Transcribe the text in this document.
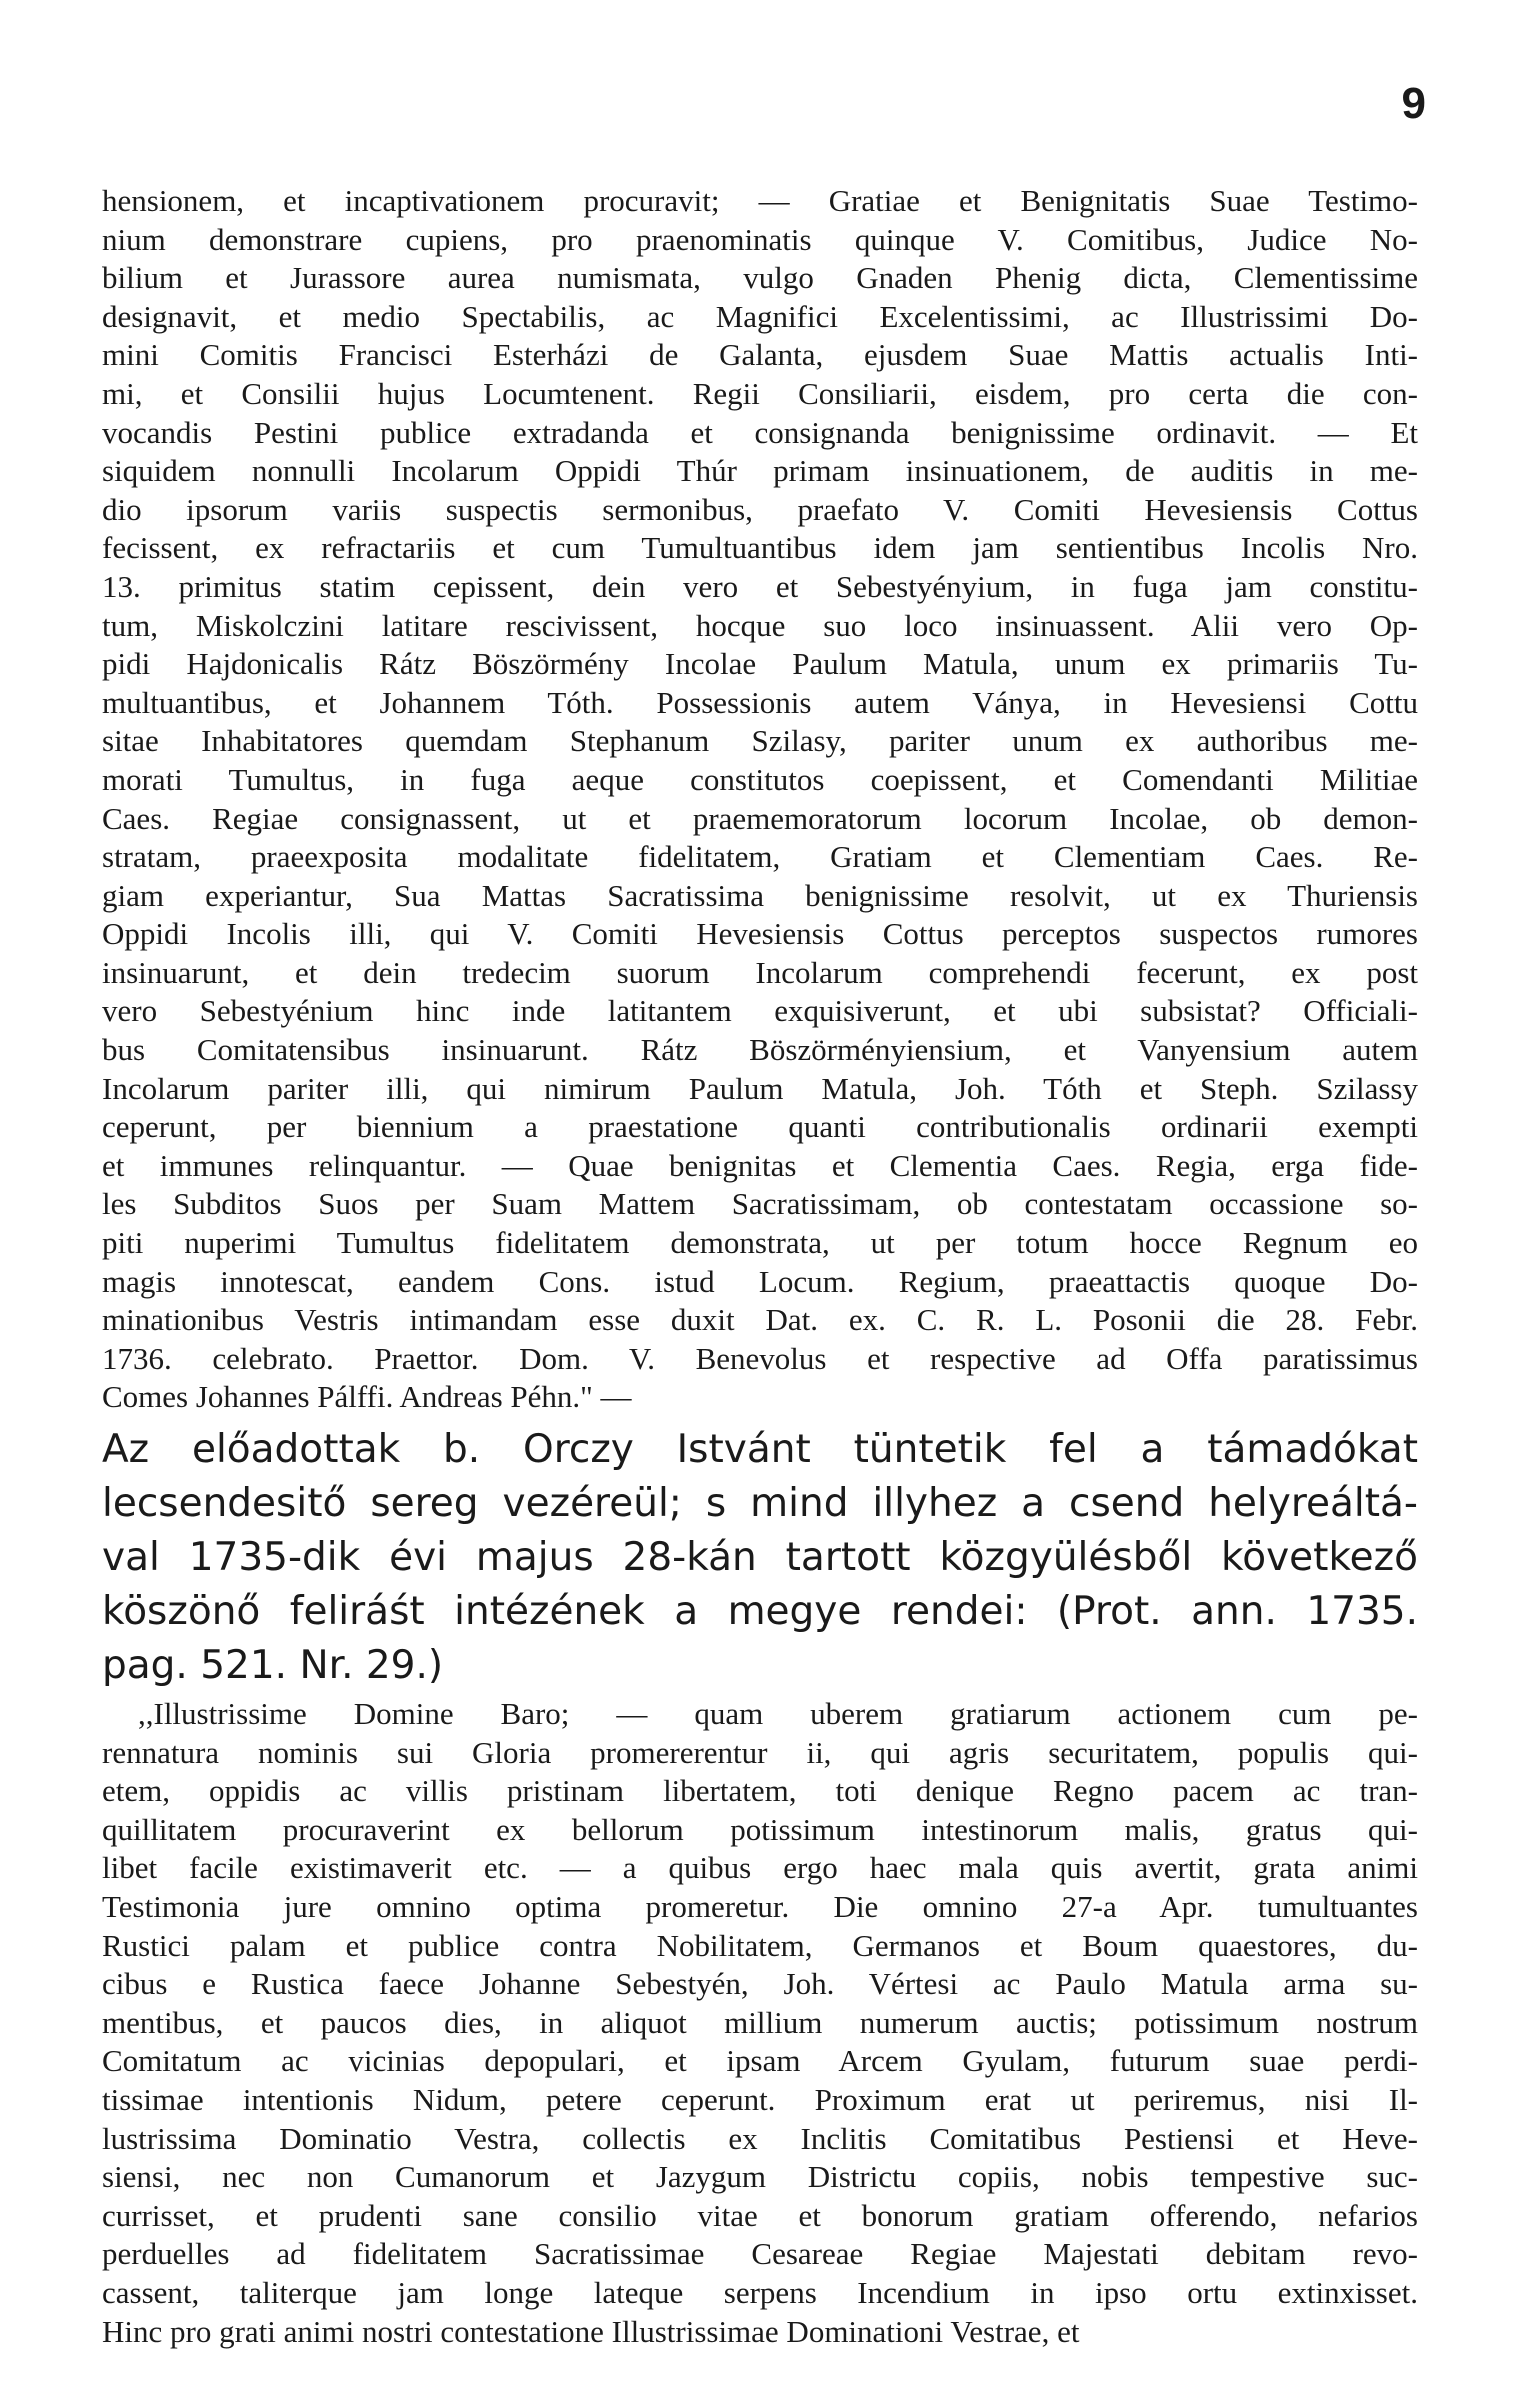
9
hensionem, et incaptivationem procuravit; — Gratiae et Benignitatis Suae Testimo-
nium demonstrare cupiens, pro praenominatis quinque V. Comitibus, Judice No-
bilium et Jurassore aurea numismata, vulgo Gnaden Phenig dicta, Clementissime
designavit, et medio Spectabilis, ac Magnifici Excelentissimi, ac Illustrissimi Do-
mini Comitis Francisci Esterházi de Galanta, ejusdem Suae Mattis actualis Inti-
mi, et Consilii hujus Locumtenent. Regii Consiliarii, eisdem, pro certa die con-
vocandis Pestini publice extradanda et consignanda benignissime ordinavit. — Et
siquidem nonnulli Incolarum Oppidi Thúr primam insinuationem, de auditis in me-
dio ipsorum variis suspectis sermonibus, praefato V. Comiti Hevesiensis Cottus
fecissent, ex refractariis et cum Tumultuantibus idem jam sentientibus Incolis Nro.
13. primitus statim cepissent, dein vero et Sebestyényium, in fuga jam constitu-
tum, Miskolczini latitare rescivissent, hocque suo loco insinuassent. Alii vero Op-
pidi Hajdonicalis Rátz Böszörmény Incolae Paulum Matula, unum ex primariis Tu-
multuantibus, et Johannem Tóth. Possessionis autem Ványa, in Hevesiensi Cottu
sitae Inhabitatores quemdam Stephanum Szilasy, pariter unum ex authoribus me-
morati Tumultus, in fuga aeque constitutos coepissent, et Comendanti Militiae
Caes. Regiae consignassent, ut et praememoratorum locorum Incolae, ob demon-
stratam, praeexposita modalitate fidelitatem, Gratiam et Clementiam Caes. Re-
giam experiantur, Sua Mattas Sacratissima benignissime resolvit, ut ex Thuriensis
Oppidi Incolis illi, qui V. Comiti Hevesiensis Cottus perceptos suspectos rumores
insinuarunt, et dein tredecim suorum Incolarum comprehendi fecerunt, ex post
vero Sebestyénium hinc inde latitantem exquisiverunt, et ubi subsistat? Officiali-
bus Comitatensibus insinuarunt. Rátz Böszörményiensium, et Vanyensium autem
Incolarum pariter illi, qui nimirum Paulum Matula, Joh. Tóth et Steph. Szilassy
ceperunt, per biennium a praestatione quanti contributionalis ordinarii exempti
et immunes relinquantur. — Quae benignitas et Clementia Caes. Regia, erga fide-
les Subditos Suos per Suam Mattem Sacratissimam, ob contestatam occassione so-
piti nuperimi Tumultus fidelitatem demonstrata, ut per totum hocce Regnum eo
magis innotescat, eandem Cons. istud Locum. Regium, praeattactis quoque Do-
minationibus Vestris intimandam esse duxit Dat. ex. C. R. L. Posonii die 28. Febr.
1736. celebrato. Praettor. Dom. V. Benevolus et respective ad Offa paratissimus
Comes Johannes Pálffi. Andreas Péhn." —
Az előadottak b. Orczy Istvánt tüntetik fel a támadókat
lecsendesitő sereg vezéreül; s mind illyhez a csend helyreáltá-
val 1735-dik évi majus 28-kán tartott közgyülésből következő
köszönő feliráśt intézének a megye rendei: (Prot. ann. 1735.
pag. 521. Nr. 29.)
,,Illustrissime Domine Baro; — quam uberem gratiarum actionem cum pe-
rennatura nominis sui Gloria promererentur ii, qui agris securitatem, populis qui-
etem, oppidis ac villis pristinam libertatem, toti denique Regno pacem ac tran-
quillitatem procuraverint ex bellorum potissimum intestinorum malis, gratus qui-
libet facile existimaverit etc. — a quibus ergo haec mala quis avertit, grata animi
Testimonia jure omnino optima promeretur. Die omnino 27-a Apr. tumultuantes
Rustici palam et publice contra Nobilitatem, Germanos et Boum quaestores, du-
cibus e Rustica faece Johanne Sebestyén, Joh. Vértesi ac Paulo Matula arma su-
mentibus, et paucos dies, in aliquot millium numerum auctis; potissimum nostrum
Comitatum ac vicinias depopulari, et ipsam Arcem Gyulam, futurum suae perdi-
tissimae intentionis Nidum, petere ceperunt. Proximum erat ut periremus, nisi Il-
lustrissima Dominatio Vestra, collectis ex Inclitis Comitatibus Pestiensi et Heve-
siensi, nec non Cumanorum et Jazygum Districtu copiis, nobis tempestive suc-
currisset, et prudenti sane consilio vitae et bonorum gratiam offerendo, nefarios
perduelles ad fidelitatem Sacratissimae Cesareae Regiae Majestati debitam revo-
cassent, taliterque jam longe lateque serpens Incendium in ipso ortu extinxisset.
Hinc pro grati animi nostri contestatione Illustrissimae Dominationi Vestrae, et
